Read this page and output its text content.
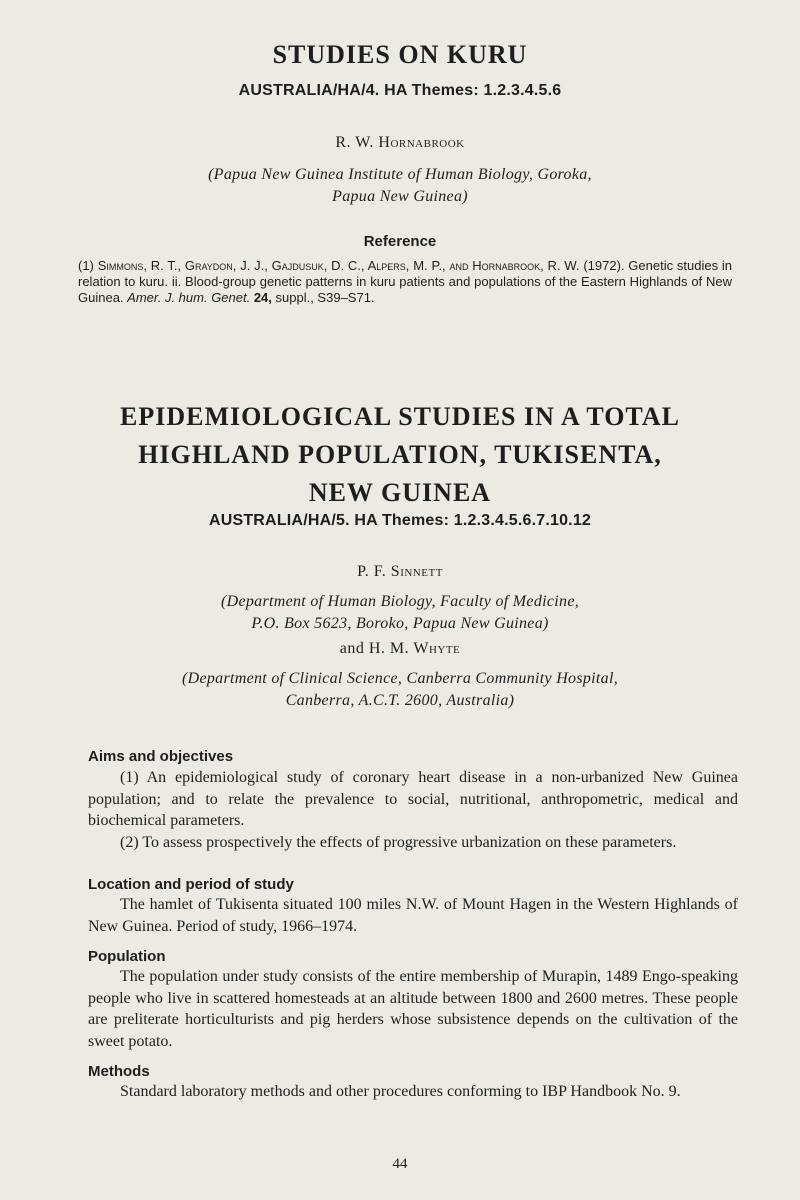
STUDIES ON KURU
AUSTRALIA/HA/4. HA Themes: 1.2.3.4.5.6
R. W. Hornabrook
(Papua New Guinea Institute of Human Biology, Goroka,
Papua New Guinea)
Reference
(1) Simmons, R. T., Graydon, J. J., Gajdusuk, D. C., Alpers, M. P., and Hornabrook, R. W. (1972). Genetic studies in relation to kuru. ii. Blood-group genetic patterns in kuru patients and populations of the Eastern Highlands of New Guinea. Amer. J. hum. Genet. 24, suppl., S39–S71.
EPIDEMIOLOGICAL STUDIES IN A TOTAL
HIGHLAND POPULATION, TUKISENTA,
NEW GUINEA
AUSTRALIA/HA/5. HA Themes: 1.2.3.4.5.6.7.10.12
P. F. Sinnett
(Department of Human Biology, Faculty of Medicine,
P.O. Box 5623, Boroko, Papua New Guinea)
and H. M. Whyte
(Department of Clinical Science, Canberra Community Hospital,
Canberra, A.C.T. 2600, Australia)
Aims and objectives

(1) An epidemiological study of coronary heart disease in a non-urbanized New Guinea population; and to relate the prevalence to social, nutritional, anthropometric, medical and biochemical parameters.

(2) To assess prospectively the effects of progressive urbanization on these parameters.

Location and period of study

The hamlet of Tukisenta situated 100 miles N.W. of Mount Hagen in the Western Highlands of New Guinea. Period of study, 1966–1974.

Population

The population under study consists of the entire membership of Murapin, 1489 Engo-speaking people who live in scattered homesteads at an altitude between 1800 and 2600 metres. These people are preliterate horticulturists and pig herders whose subsistence depends on the cultivation of the sweet potato.

Methods

Standard laboratory methods and other procedures conforming to IBP Handbook No. 9.

44
